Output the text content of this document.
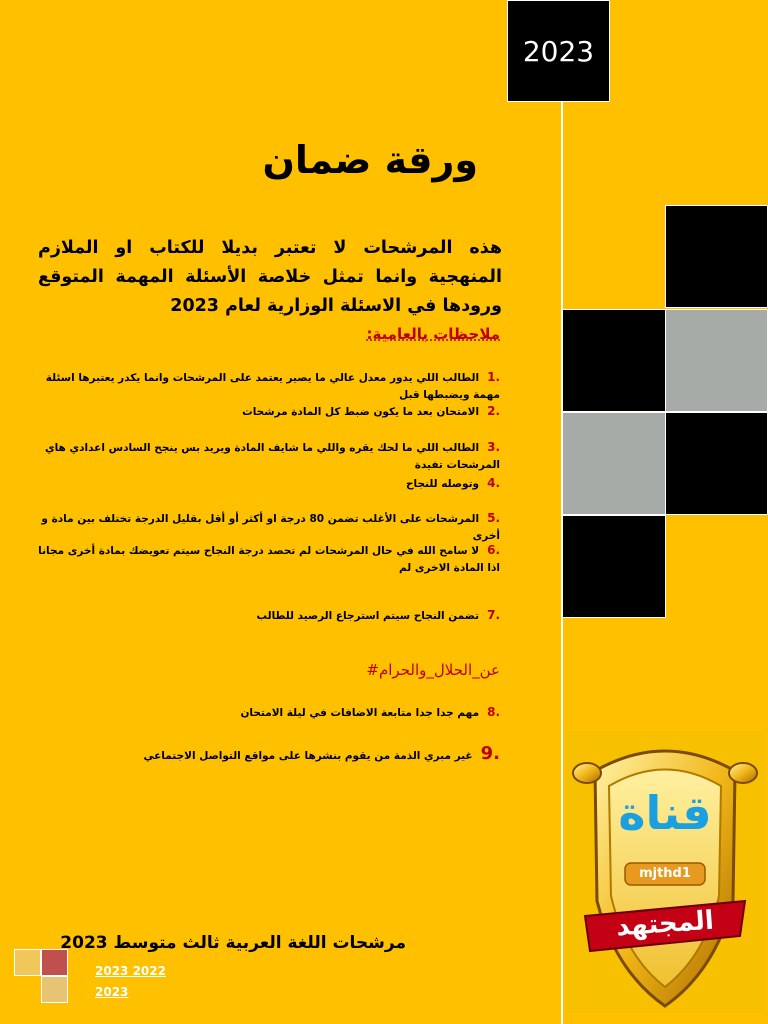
2023
ورقة ضمان
هذه المرشحات لا تعتبر بديلا للكتاب او الملازم المنهجية وانما تمثل خلاصة الأسئلة المهمة المتوقع ورودها في الاسئلة الوزارية لعام 2023
ملاحظات بالعامية:
.1الطالب اللي يدور معدل عالي ما يصير يعتمد على المرشحات وانما يكدر يعتبرها اسئلة مهمة ويضبطها قبل
.2الامتحان بعد ما يكون ضبط كل المادة مرشحات
.3الطالب اللي ما لحك يقره واللي ما شايف المادة ويريد بس ينجح السادس اعدادي هاي المرشحات تفيدة
.4وتوصله للنجاح
.5المرشحات على الأغلب تضمن 80 درجة او أكثر أو أقل بقليل الدرجة تختلف بين مادة و أخرى
.6لا سامح الله في حال المرشحات لم تحصد درجة النجاح سيتم تعويضك بمادة أخرى مجانا اذا المادة الاخرى لم
.7تضمن النجاح سيتم استرجاع الرصيد للطالب
عن_الحلال_والحرام#
.8مهم جدا جدا متابعة الاضافات في ليلة الامتحان
.9غير مبري الذمة من يقوم بنشرها على مواقع التواصل الاجتماعي
مرشحات اللغة العربية ثالث متوسط 2023
2023 2022
2023
قناة
mjthd1
المجتهد
